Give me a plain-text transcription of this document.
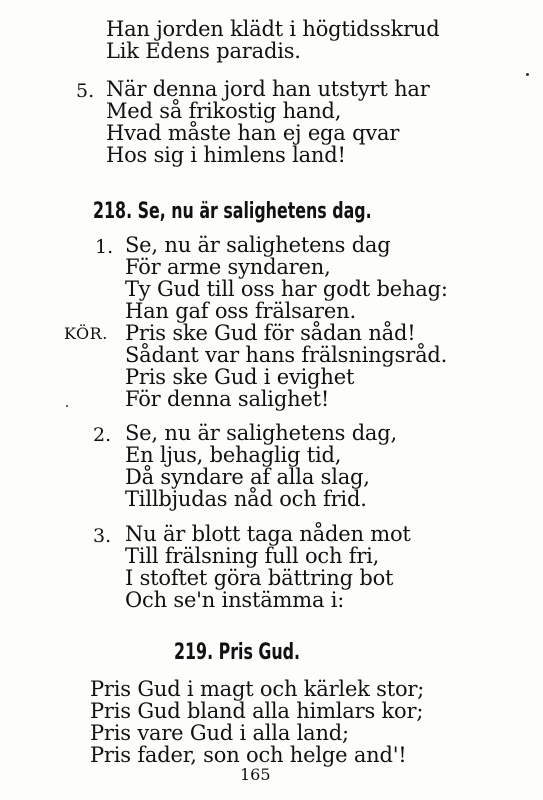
Han jorden klädt i högtidsskrud
Lik Edens paradis.
5. När denna jord han utstyrt har
Med så frikostig hand,
Hvad måste han ej ega qvar
Hos sig i himlens land!
218. Se, nu är salighetens dag.
1. Se, nu är salighetens dag
För arme syndaren,
Ty Gud till oss har godt behag:
Han gaf oss frälsaren.
KÖR. Pris ske Gud för sådan nåd!
Sådant var hans frälsningsråd.
Pris ske Gud i evighet
För denna salighet!
2. Se, nu är salighetens dag,
En ljus, behaglig tid,
Då syndare af alla slag,
Tillbjudas nåd och frid.
3. Nu är blott taga nåden mot
Till frälsning full och fri,
I stoftet göra bättring bot
Och se'n instämma i:
219. Pris Gud.
Pris Gud i magt och kärlek stor;
Pris Gud bland alla himlars kor;
Pris vare Gud i alla land;
Pris fader, son och helge and'!
165
